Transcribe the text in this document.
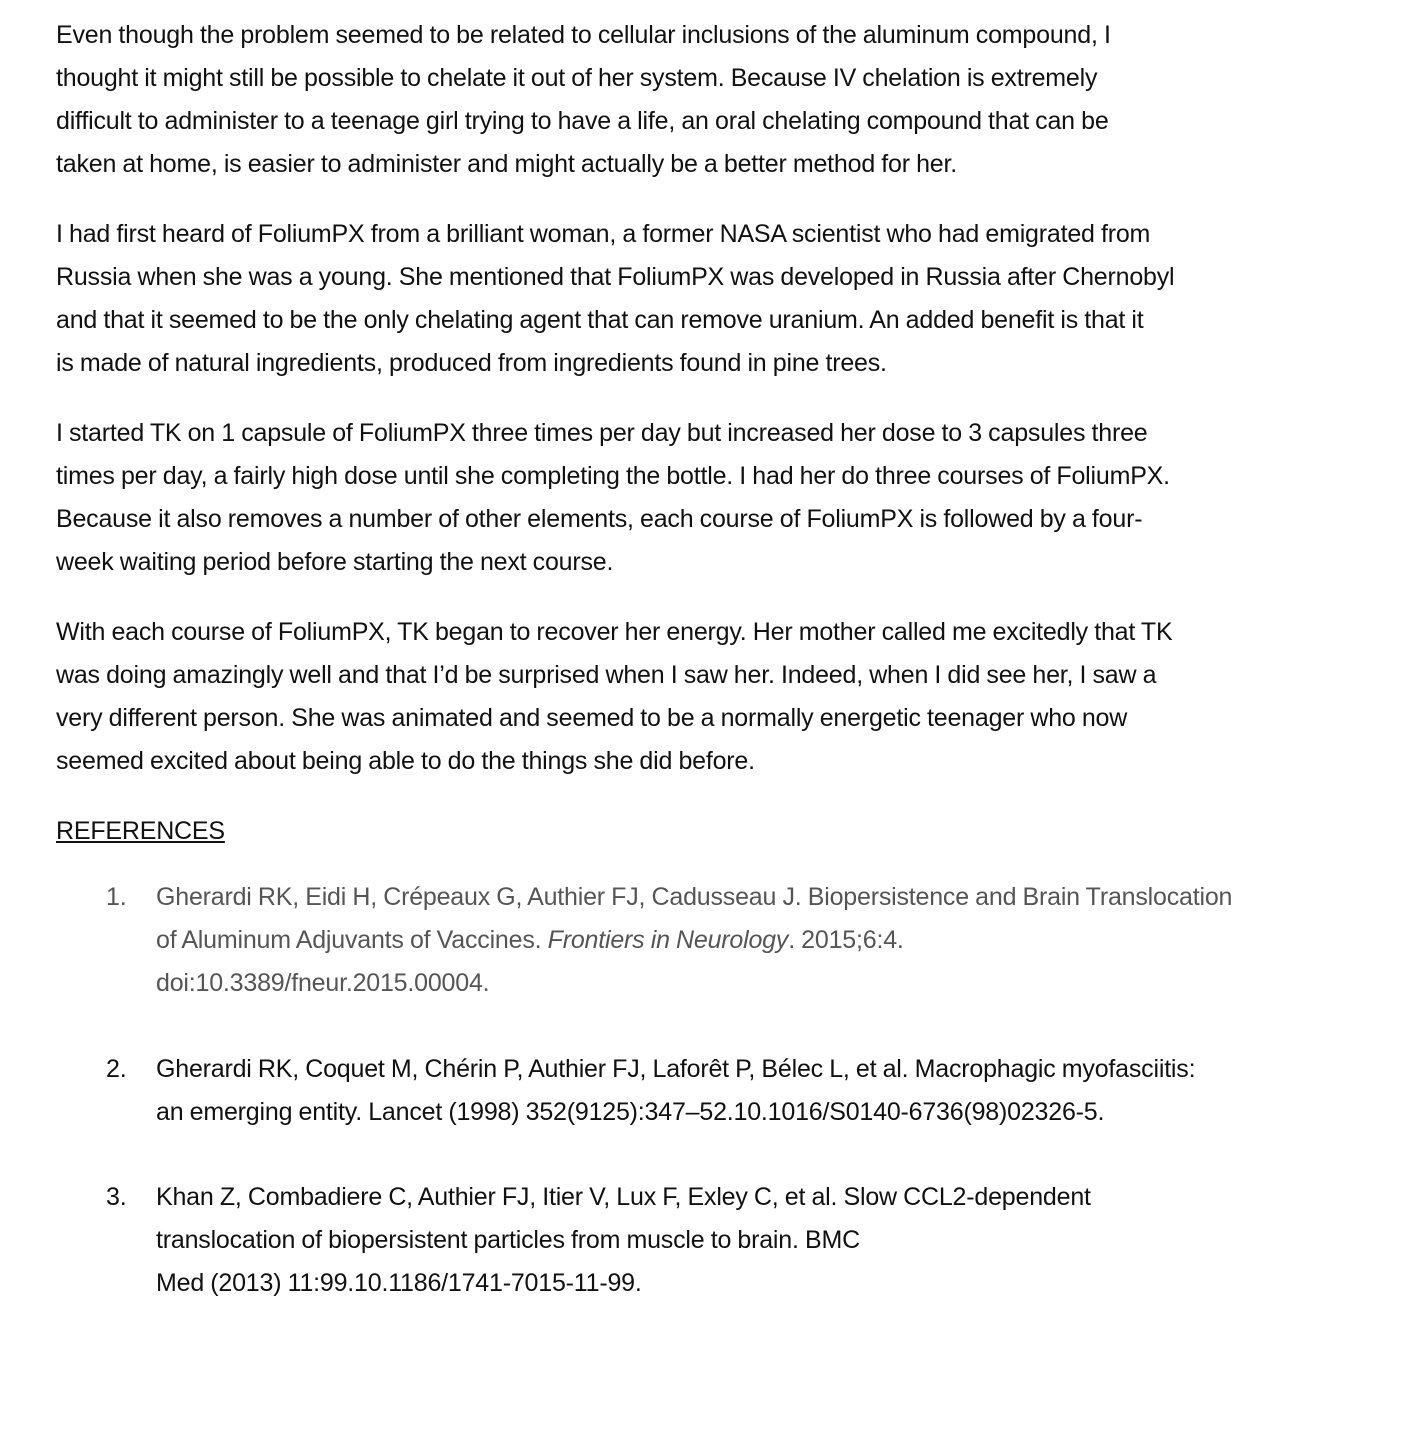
Even though the problem seemed to be related to cellular inclusions of the aluminum compound, I
thought it might still be possible to chelate it out of her system. Because IV chelation is extremely
difficult to administer to a teenage girl trying to have a life, an oral chelating compound that can be
taken at home, is easier to administer and might actually be a better method for her.
I had first heard of FoliumPX from a brilliant woman, a former NASA scientist who had emigrated from
Russia when she was a young. She mentioned that FoliumPX was developed in Russia after Chernobyl
and that it seemed to be the only chelating agent that can remove uranium. An added benefit is that it
is made of natural ingredients, produced from ingredients found in pine trees.
I started TK on 1 capsule of FoliumPX three times per day but increased her dose to 3 capsules three
times per day, a fairly high dose until she completing the bottle. I had her do three courses of FoliumPX.
Because it also removes a number of other elements, each course of FoliumPX is followed by a four-
week waiting period before starting the next course.
With each course of FoliumPX, TK began to recover her energy. Her mother called me excitedly that TK
was doing amazingly well and that I’d be surprised when I saw her. Indeed, when I did see her, I saw a
very different person. She was animated and seemed to be a normally energetic teenager who now
seemed excited about being able to do the things she did before.
REFERENCES
1. Gherardi RK, Eidi H, Crépeaux G, Authier FJ, Cadusseau J. Biopersistence and Brain Translocation
of Aluminum Adjuvants of Vaccines. Frontiers in Neurology. 2015;6:4.
doi:10.3389/fneur.2015.00004.
2. Gherardi RK, Coquet M, Chérin P, Authier FJ, Laforêt P, Bélec L, et al. Macrophagic myofasciitis:
an emerging entity. Lancet (1998) 352(9125):347–52.10.1016/S0140-6736(98)02326-5.
3. Khan Z, Combadiere C, Authier FJ, Itier V, Lux F, Exley C, et al. Slow CCL2-dependent
translocation of biopersistent particles from muscle to brain. BMC
Med (2013) 11:99.10.1186/1741-7015-11-99.
